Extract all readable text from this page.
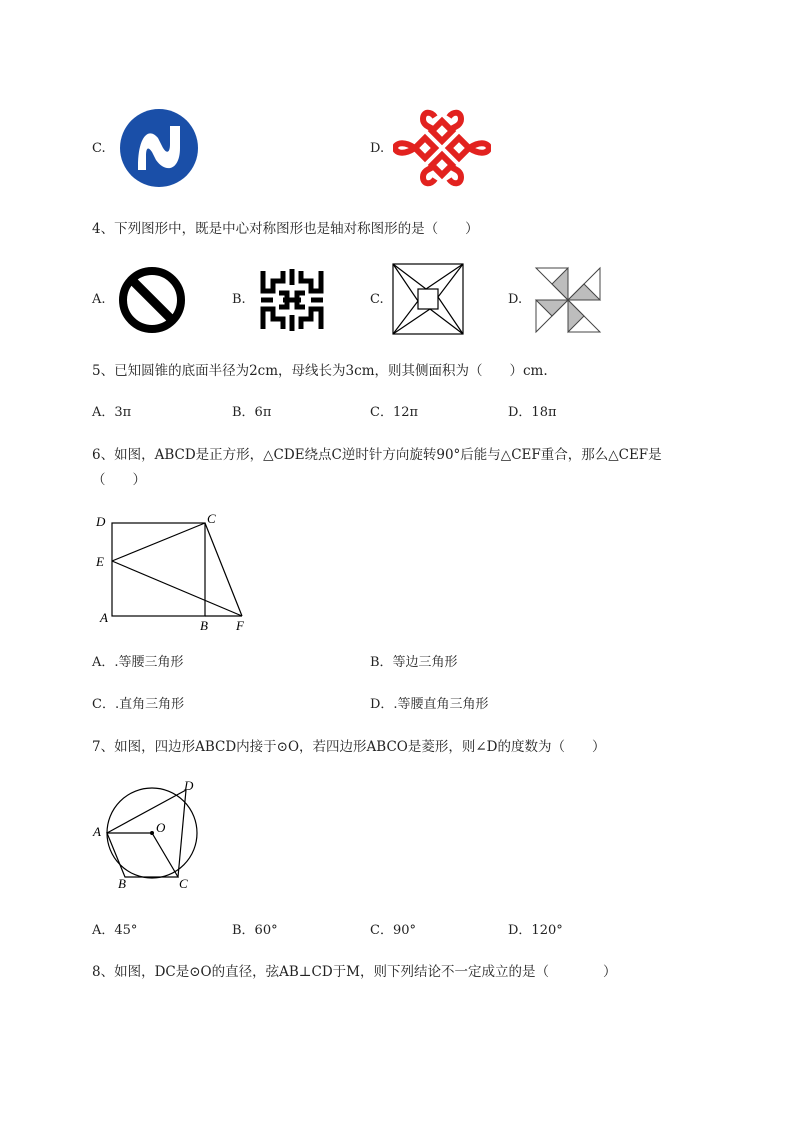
C.	D.
4、下列图形中，既是中心对称图形也是轴对称图形的是（　　）
A.	B.	C.	D.
5、已知圆锥的底面半径为2cm，母线长为3cm，则其侧面积为（　　）cm.
A．3π	B．6π	C．12π	D．18π
6、如图，ABCD是正方形，△CDE绕点C逆时针方向旋转90°后能与△CEF重合，那么△CEF是
（　　）
D	C
E
A
B F
A．.等腰三角形	B．等边三角形
C．.直角三角形	D．.等腰直角三角形
7、如图，四边形ABCD内接于⊙O，若四边形ABCO是菱形，则∠D的度数为（　　）
A
B	C
D
O
A．45°	B．60°	C．90°	D．120°
8、如图，DC是⊙O的直径，弦AB⊥CD于M，则下列结论不一定成立的是（　　　　）
